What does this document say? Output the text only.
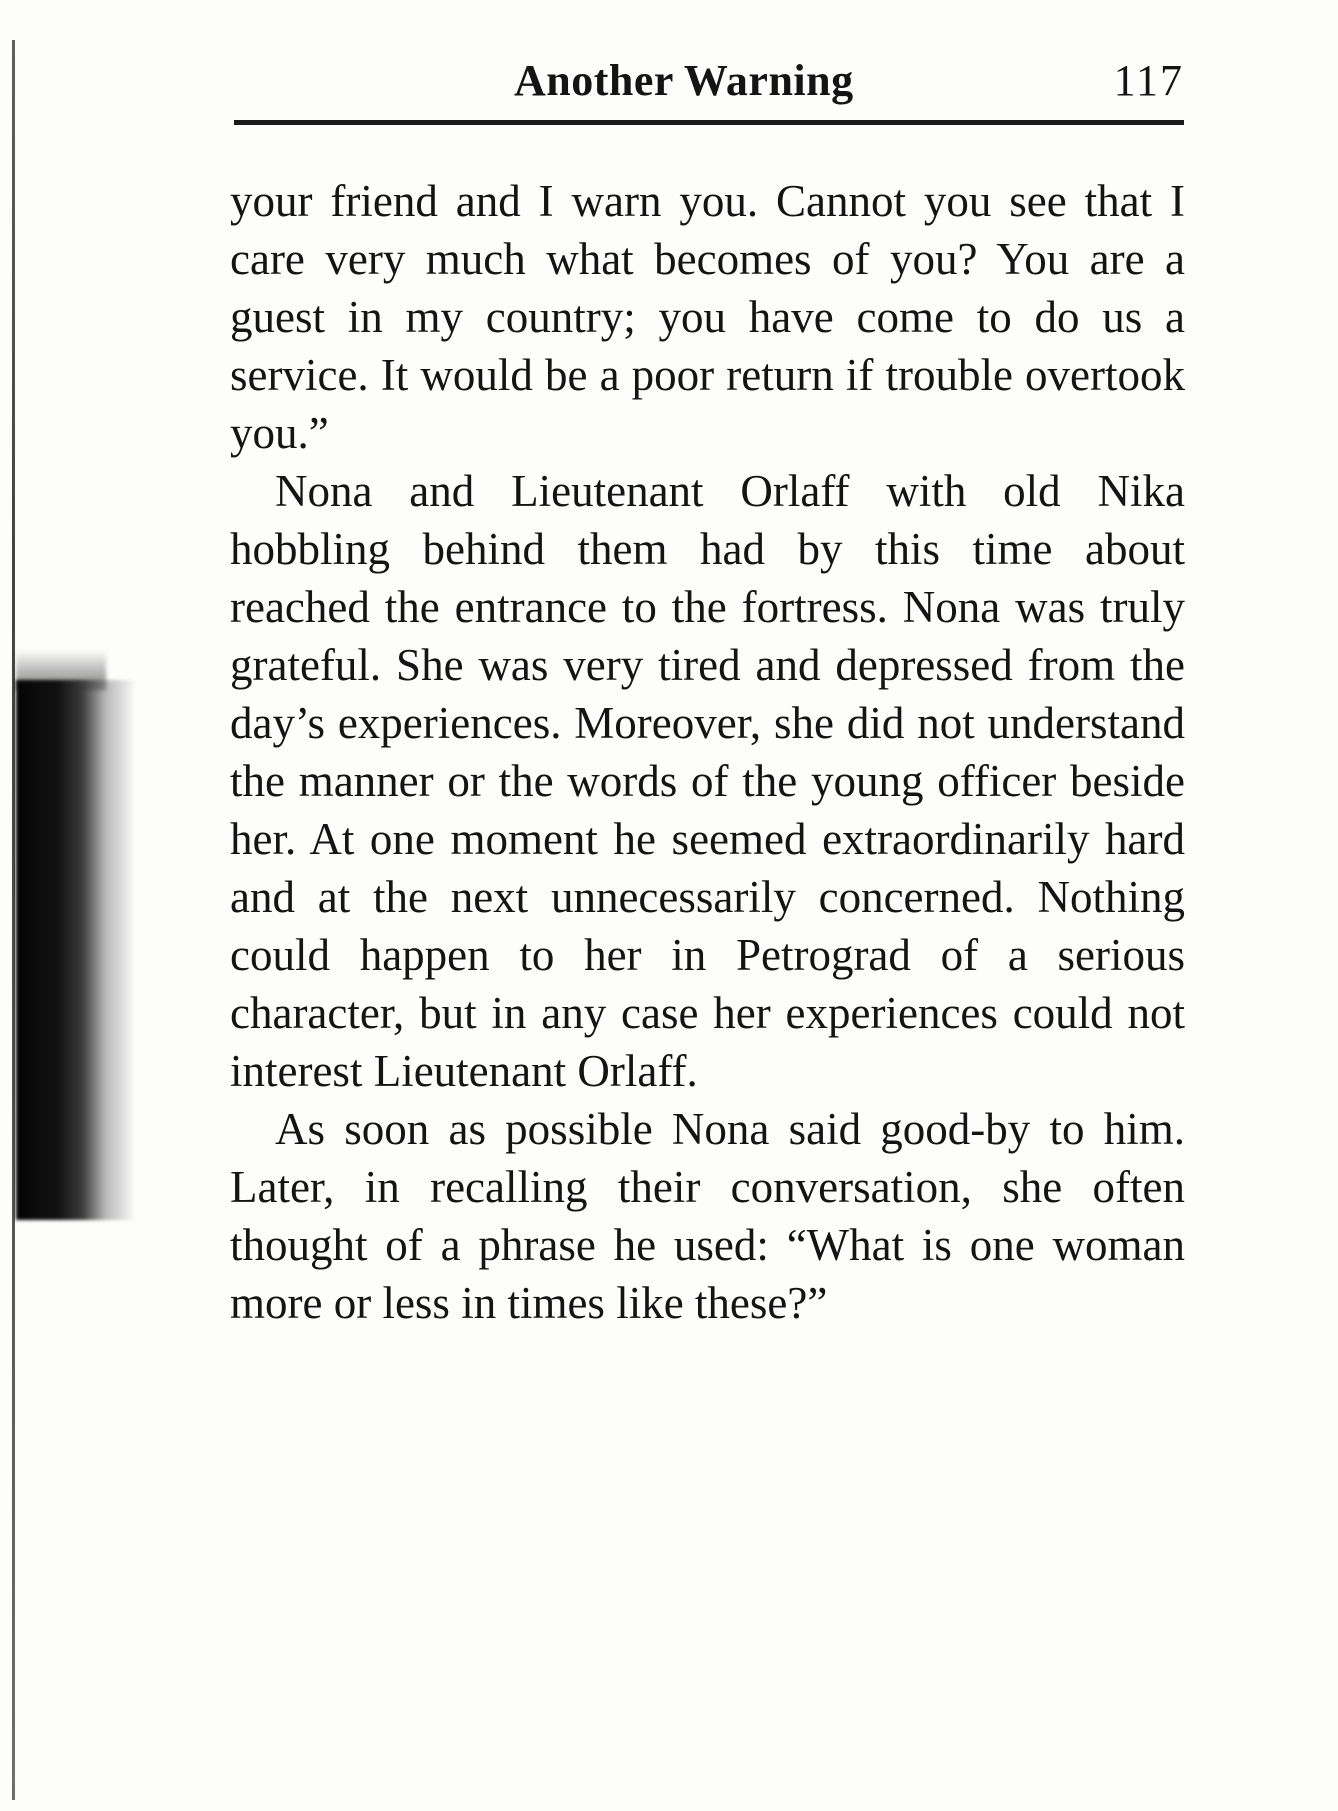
Another Warning	117

your friend and I warn you. Cannot you see that I care very much what becomes of you? You are a guest in my country; you have come to do us a service. It would be a poor return if trouble overtook you.”

Nona and Lieutenant Orlaff with old Nika hobbling behind them had by this time about reached the entrance to the fortress. Nona was truly grateful. She was very tired and depressed from the day’s experiences. Moreover, she did not understand the manner or the words of the young officer beside her. At one moment he seemed extraordinarily hard and at the next unnecessarily concerned. Nothing could happen to her in Petrograd of a serious character, but in any case her experiences could not interest Lieutenant Orlaff.

As soon as possible Nona said good-by to him. Later, in recalling their conversation, she often thought of a phrase he used: “What is one woman more or less in times like these?”
